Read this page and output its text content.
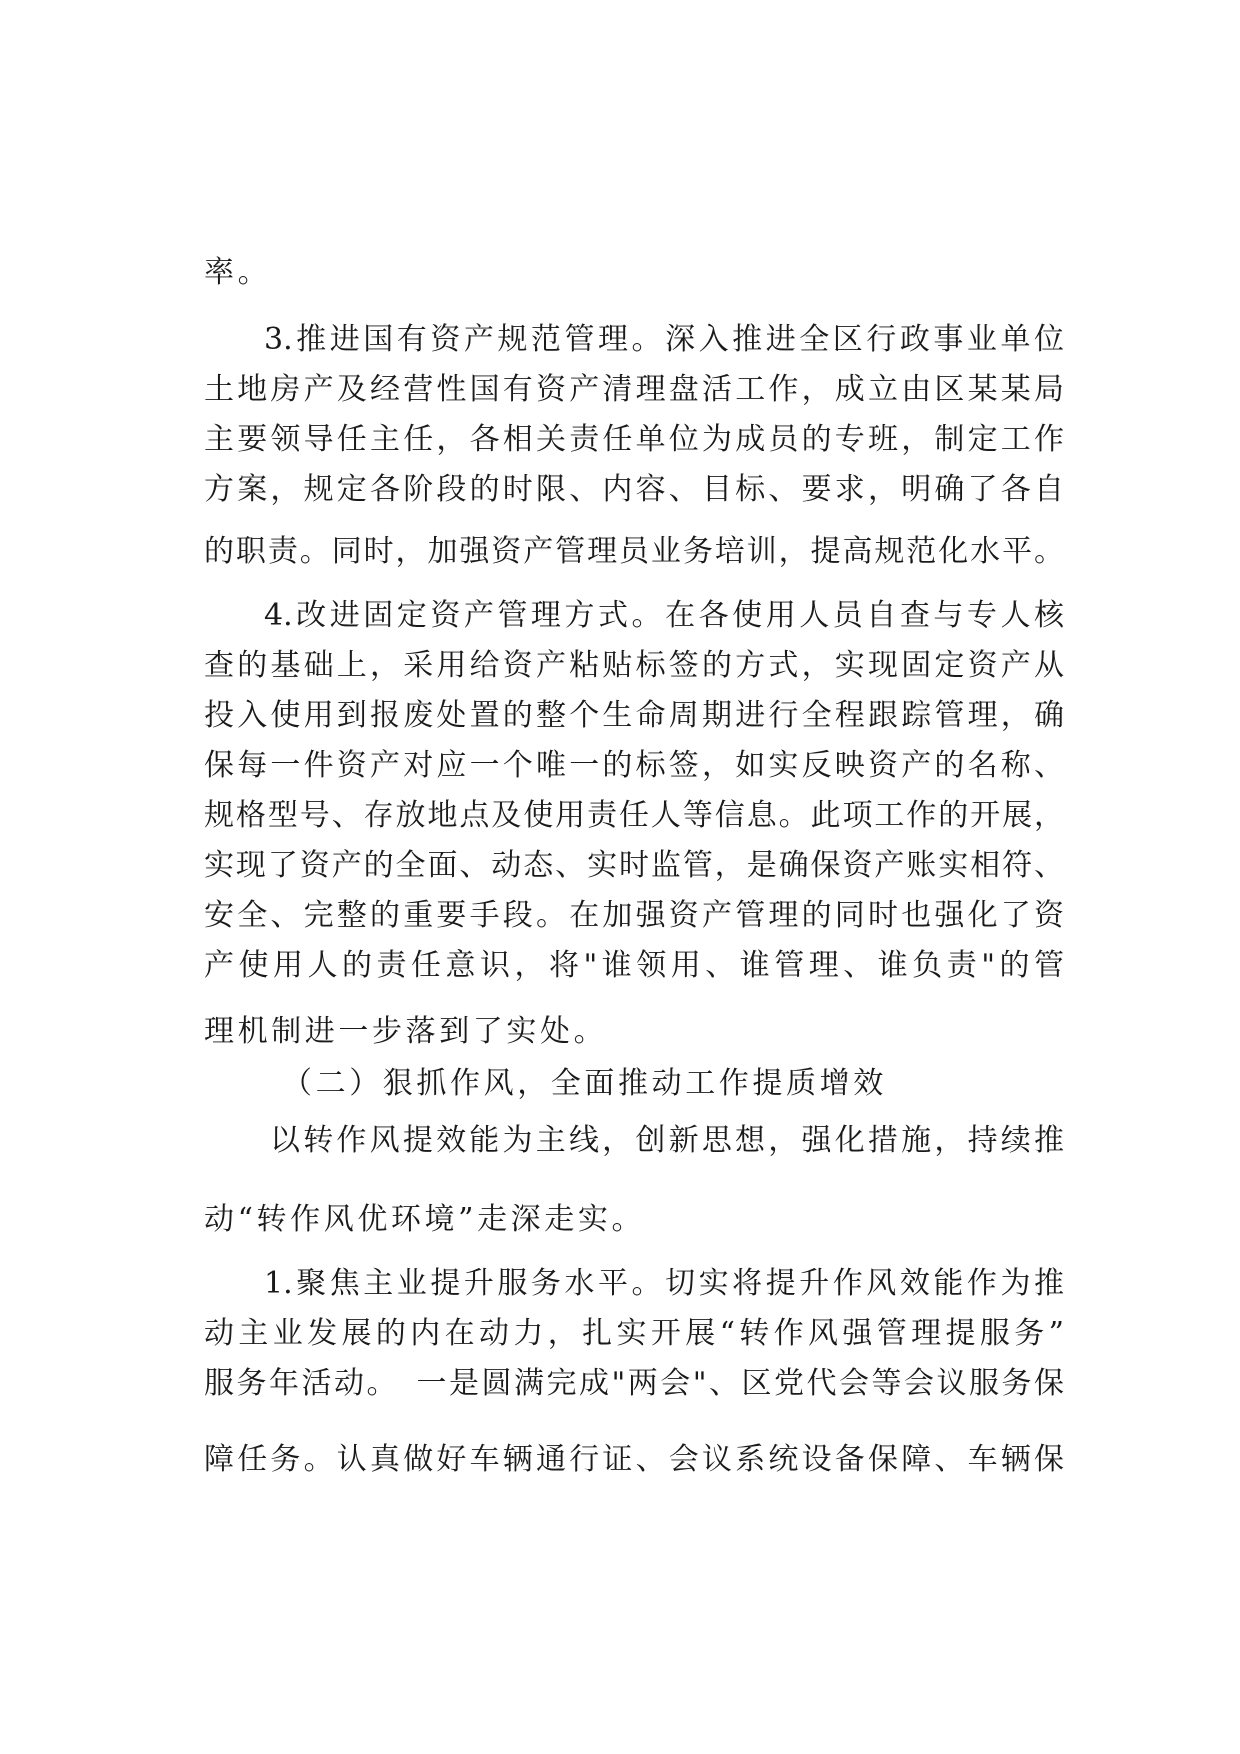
率。
3.推进国有资产规范管理。深入推进全区行政事业单位
土地房产及经营性国有资产清理盘活工作，成立由区某某局
主要领导任主任，各相关责任单位为成员的专班，制定工作
方案，规定各阶段的时限、内容、目标、要求，明确了各自
的职责。同时，加强资产管理员业务培训，提高规范化水平。
4.改进固定资产管理方式。在各使用人员自查与专人核
查的基础上，采用给资产粘贴标签的方式，实现固定资产从
投入使用到报废处置的整个生命周期进行全程跟踪管理，确
保每一件资产对应一个唯一的标签，如实反映资产的名称、
规格型号、存放地点及使用责任人等信息。此项工作的开展，
实现了资产的全面、动态、实时监管，是确保资产账实相符、
安全、完整的重要手段。在加强资产管理的同时也强化了资
产使用人的责任意识，将"谁领用、谁管理、谁负责"的管
理机制进一步落到了实处。
（二）狠抓作风，全面推动工作提质增效
以转作风提效能为主线，创新思想，强化措施，持续推
动“转作风优环境”走深走实。
1.聚焦主业提升服务水平。切实将提升作风效能作为推
动主业发展的内在动力，扎实开展“转作风强管理提服务”
服务年活动。　一是圆满完成"两会"、区党代会等会议服务保
障任务。认真做好车辆通行证、会议系统设备保障、车辆保
